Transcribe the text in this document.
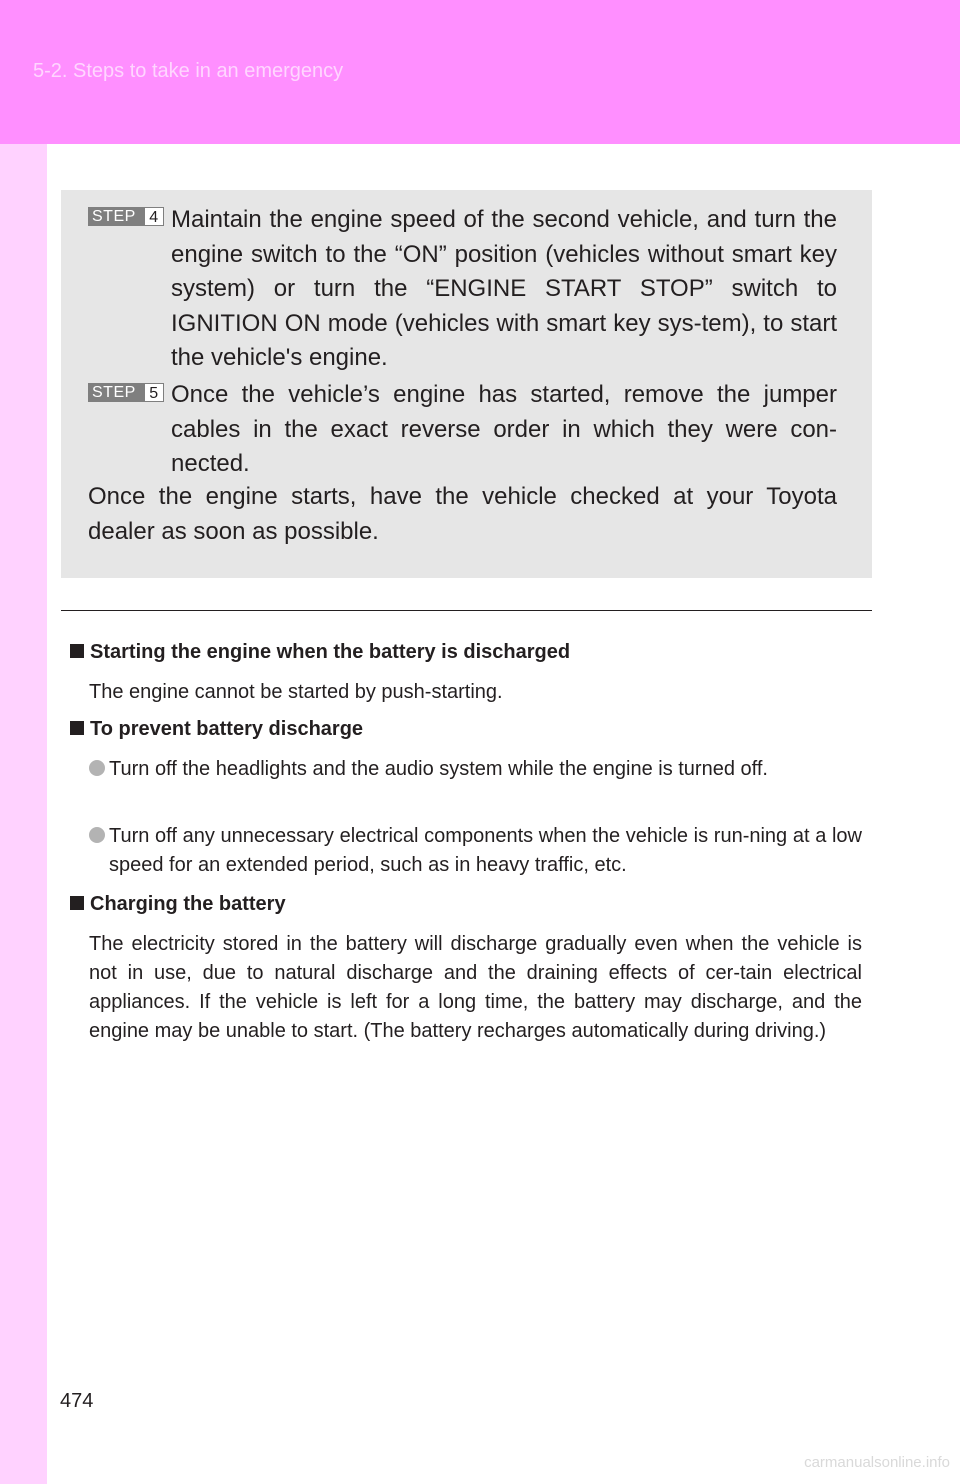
5-2. Steps to take in an emergency
STEP 4 Maintain the engine speed of the second vehicle, and turn the engine switch to the “ON” position (vehicles without smart key system) or turn the “ENGINE START STOP” switch to IGNITION ON mode (vehicles with smart key sys-tem), to start the vehicle's engine.
STEP 5 Once the vehicle’s engine has started, remove the jumper cables in the exact reverse order in which they were con-nected.
Once the engine starts, have the vehicle checked at your Toyota dealer as soon as possible.
Starting the engine when the battery is discharged
The engine cannot be started by push-starting.
To prevent battery discharge
Turn off the headlights and the audio system while the engine is turned off.
Turn off any unnecessary electrical components when the vehicle is run-ning at a low speed for an extended period, such as in heavy traffic, etc.
Charging the battery
The electricity stored in the battery will discharge gradually even when the vehicle is not in use, due to natural discharge and the draining effects of cer-tain electrical appliances. If the vehicle is left for a long time, the battery may discharge, and the engine may be unable to start. (The battery recharges automatically during driving.)
474
carmanualsonline.info
